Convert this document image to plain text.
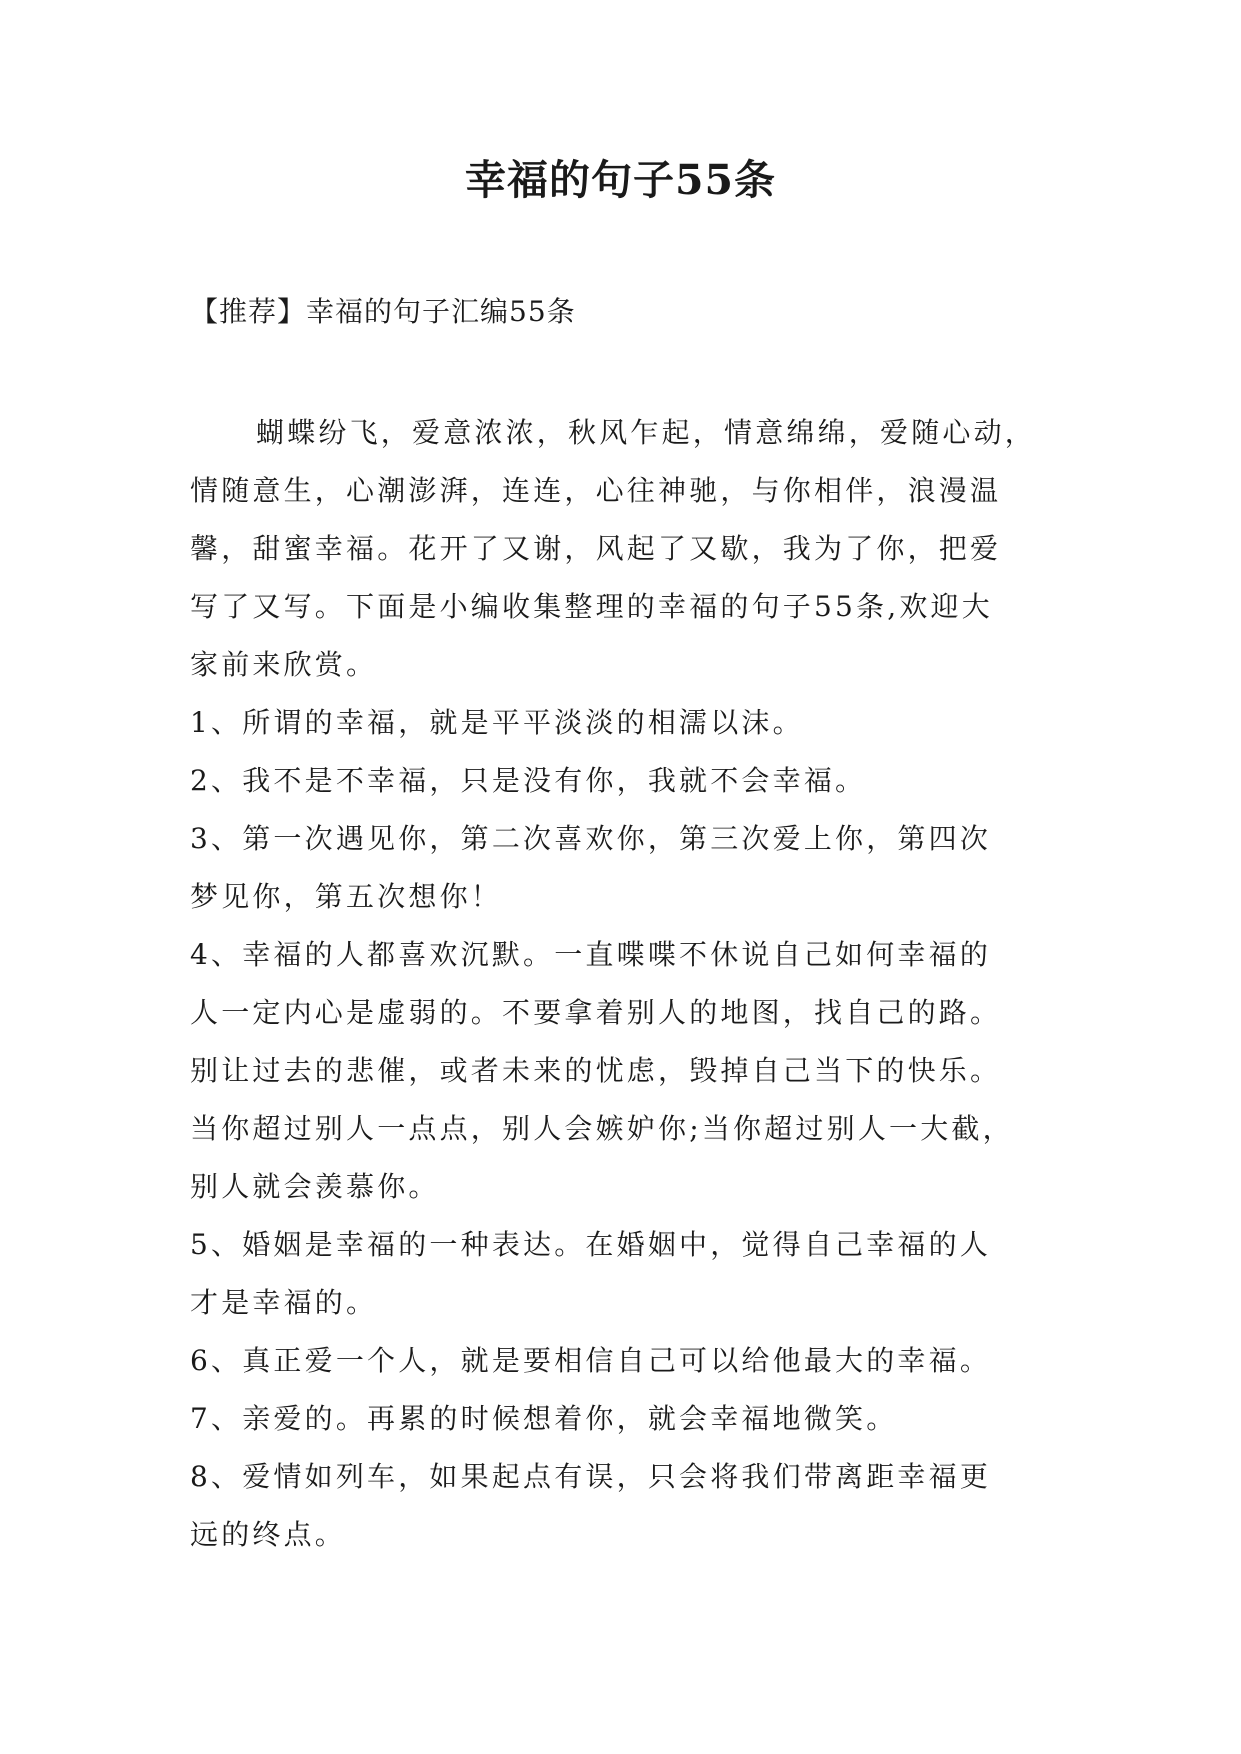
幸福的句子55条
【推荐】幸福的句子汇编55条
蝴蝶纷飞，爱意浓浓，秋风乍起，情意绵绵，爱随心动，
情随意生，心潮澎湃，连连，心往神驰，与你相伴，浪漫温
馨，甜蜜幸福。花开了又谢，风起了又歇，我为了你，把爱
写了又写。下面是小编收集整理的幸福的句子55条,欢迎大
家前来欣赏。
1、所谓的幸福，就是平平淡淡的相濡以沫。
2、我不是不幸福，只是没有你，我就不会幸福。
3、第一次遇见你，第二次喜欢你，第三次爱上你，第四次
梦见你，第五次想你！
4、幸福的人都喜欢沉默。一直喋喋不休说自己如何幸福的
人一定内心是虚弱的。不要拿着别人的地图，找自己的路。
别让过去的悲催，或者未来的忧虑，毁掉自己当下的快乐。
当你超过别人一点点，别人会嫉妒你;当你超过别人一大截，
别人就会羡慕你。
5、婚姻是幸福的一种表达。在婚姻中，觉得自己幸福的人
才是幸福的。
6、真正爱一个人，就是要相信自己可以给他最大的幸福。
7、亲爱的。再累的时候想着你，就会幸福地微笑。
8、爱情如列车，如果起点有误，只会将我们带离距幸福更
远的终点。
